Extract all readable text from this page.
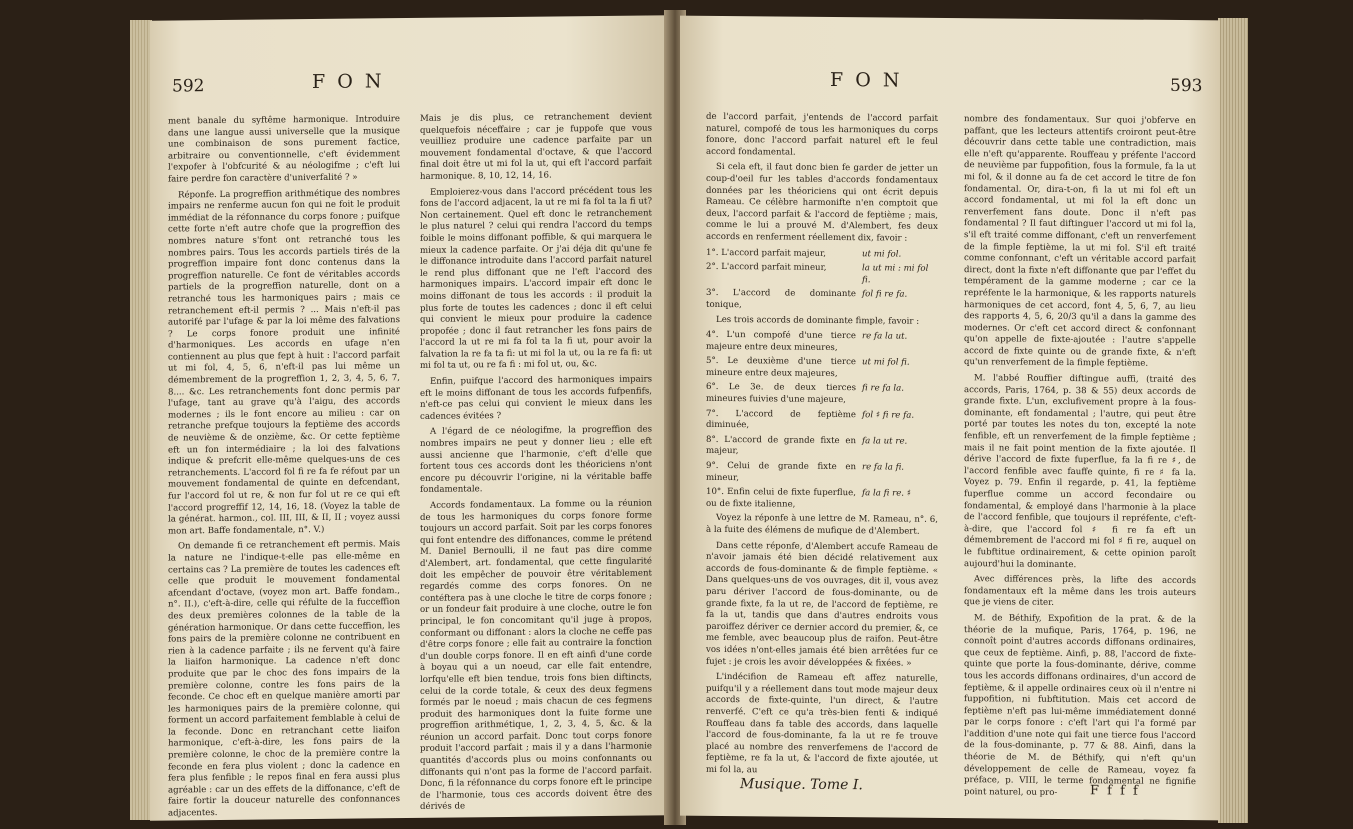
592	F O N

ment banale du syftême harmonique. Introduire dans une langue aussi universelle que la musique une combinaison de sons purement factice, arbitraire ou conventionnelle, c'eft évidemment l'expofer à l'obfcurité & au néologifme ; c'eft lui faire perdre fon caractère d'univerfalité ? »

Réponfe. La progreffion arithmétique des nombres impairs ne renferme aucun fon qui ne foit le produit immédiat de la réfonnance du corps fonore ; puifque cette forte n'eft autre chofe que la progreffion des nombres nature s'font ont retranché tous les nombres pairs. Tous les accords partiels tirés de la progreffion impaire font donc contenus dans la progreffion naturelle. Ce font de véritables accords partiels de la progreffion naturelle, dont on a retranché tous les harmoniques pairs ; mais ce retranchement eft-il permis ? ... Mais n'eft-il pas autorifé par l'ufage & par la loi même des falvations ? Le corps fonore produit une infinité d'harmoniques. Les accords en ufage n'en contiennent au plus que fept à huit : l'accord parfait ut mi fol, 4, 5, 6, n'eft-il pas lui même un démembrement de la progreffion 1, 2, 3, 4, 5, 6, 7, 8.... &c. Les retranchements font donc permis par l'ufage, tant au grave qu'à l'aigu, des accords modernes ; ils le font encore au milieu : car on retranche prefque toujours la feptième des accords de neuvième & de onzième, &c. Or cette feptième eft un fon intermédiaire ; la loi des falvations indique & prefcrit elle-même quelques-uns de ces retranchements. L'accord fol fi re fa fe réfout par un mouvement fondamental de quinte en defcendant, fur l'accord fol ut re, & non fur fol ut re ce qui eft l'accord progreffif 12, 14, 16, 18. (Voyez la table de la générat. harmon., col. III, III, & II, II ; voyez aussi mon art. Baffe fondamentale, n°. V.)

On demande fi ce retranchement eft permis. Mais la nature ne l'indique-t-elle pas elle-même en certains cas ? La première de toutes les cadences eft celle que produit le mouvement fondamental afcendant d'octave, (voyez mon art. Baffe fondam., n°. II.), c'eft-à-dire, celle qui réfulte de la fucceffion des deux premières colonnes de la table de la génération harmonique. Or dans cette fucceffion, les fons pairs de la première colonne ne contribuent en rien à la cadence parfaite ; ils ne fervent qu'à faire la liaifon harmonique. La cadence n'eft donc produite que par le choc des fons impairs de la première colonne, contre les fons pairs de la feconde. Ce choc eft en quelque manière amorti par les harmoniques pairs de la première colonne, qui forment un accord parfaitement femblable à celui de la feconde. Donc en retranchant cette liaifon harmonique, c'eft-à-dire, les fons pairs de la première colonne, le choc de la première contre la feconde en fera plus violent ; donc la cadence en fera plus fenfible ; le repos final en fera aussi plus agréable : car un des effets de la diffonance, c'eft de faire fortir la douceur naturelle des confonnances adjacentes.

Mais je dis plus, ce retranchement devient quelquefois néceffaire ; car je fuppofe que vous veuilliez produire une cadence parfaite par un mouvement fondamental d'octave, & que l'accord final doit être ut mi fol la ut, qui eft l'accord parfait harmonique. 8, 10, 12, 14, 16.

Emploierez-vous dans l'accord précédent tous les fons de l'accord adjacent, la ut re mi fa fol ta la fi ut? Non certainement. Quel eft donc le retranchement le plus naturel ? celui qui rendra l'accord du temps foible le moins diffonant poffible, & qui marquera le mieux la cadence parfaite. Or j'ai déja dit qu'une fe le diffonance introduite dans l'accord parfait naturel le rend plus diffonant que ne l'eft l'accord des harmoniques impairs. L'accord impair eft donc le moins diffonant de tous les accords : il produit la plus forte de toutes les cadences ; donc il eft celui qui convient le mieux pour produire la cadence propofée ; donc il faut retrancher les fons pairs de l'accord la ut re mi fa fol ta la fi ut, pour avoir la falvation la re fa ta fi: ut mi fol la ut, ou la re fa fi: ut mi fol ta ut, ou re fa fi : mi fol ut, ou, &c.

Enfin, puifque l'accord des harmoniques impairs eft le moins diffonant de tous les accords fufpenfifs, n'eft-ce pas celui qui convient le mieux dans les cadences évitées ?

A l'égard de ce néologifme, la progreffion des nombres impairs ne peut y donner lieu ; elle eft aussi ancienne que l'harmonie, c'eft d'elle que fortent tous ces accords dont les théoriciens n'ont encore pu découvrir l'origine, ni la véritable baffe fondamentale.

Accords fondamentaux. La fomme ou la réunion de tous les harmoniques du corps fonore forme toujours un accord parfait. Soit par les corps fonores qui font entendre des diffonances, comme le prétend M. Daniel Bernoulli, il ne faut pas dire comme d'Alembert, art. fondamental, que cette fingularité doit les empêcher de pouvoir être véritablement regardés comme des corps fonores. On ne contéftera pas à une cloche le titre de corps fonore ; or un fondeur fait produire à une cloche, outre le fon principal, le fon concomitant qu'il juge à propos, conformant ou diffonant : alors la cloche ne ceffe pas d'être corps fonore ; elle fait au contraire la fonction d'un double corps fonore. Il en eft ainfi d'une corde à boyau qui a un noeud, car elle fait entendre, lorfqu'elle eft bien tendue, trois fons bien diftincts, celui de la corde totale, & ceux des deux fegmens formés par le noeud ; mais chacun de ces fegmens produit des harmoniques dont la fuite forme une progreffion arithmétique, 1, 2, 3, 4, 5, &c. & la réunion un accord parfait. Donc tout corps fonore produit l'accord parfait ; mais il y a dans l'harmonie quantités d'accords plus ou moins confonnants ou diffonants qui n'ont pas la forme de l'accord parfait. Donc, fi la réfonnance du corps fonore eft le principe de l'harmonie, tous ces accords doivent être des dérivés de

F O N	593

de l'accord parfait, j'entends de l'accord parfait naturel, compofé de tous les harmoniques du corps fonore, donc l'accord parfait naturel eft le feul accord fondamental.

Si cela eft, il faut donc bien fe garder de jetter un coup-d'oeil fur les tables d'accords fondamentaux données par les théoriciens qui ont écrit depuis Rameau. Ce célèbre harmonifte n'en comptoit que deux, l'accord parfait & l'accord de feptième ; mais, comme le lui a prouvé M. d'Alembert, fes deux accords en renferment réellement dix, favoir :

1°. L'accord parfait majeur,	ut mi fol.
2°. L'accord parfait mineur,	la ut mi : mi fol fi.
3°. L'accord de dominante tonique,
fol fi re fa.

Les trois accords de dominante fimple, favoir :

4°. L'un compofé d'une tierce majeure entre deux mineures,
re fa la ut.
5°. Le deuxième d'une tierce mineure entre deux majeures,
ut mi fol fi.
6°. Le 3e. de deux tierces mineures fuivies d'une majeure,
fi re fa la.
7°. L'accord de feptième diminuée,
fol ♯ fi re fa.
8°. L'accord de grande fixte en majeur,
fa la ut re.
9°. Celui de grande fixte en mineur,
re fa la fi.
10°. Enfin celui de fixte fuperflue, ou de fixte italienne,
fa la fi re. ♯

Voyez la réponfe à une lettre de M. Rameau, n°. 6, à la fuite des élémens de mufique de d'Alembert.

Dans cette réponfe, d'Alembert accufe Rameau de n'avoir jamais été bien décidé relativement aux accords de fous-dominante & de fimple feptième. « Dans quelques-uns de vos ouvrages, dit il, vous avez paru dériver l'accord de fous-dominante, ou de grande fixte, fa la ut re, de l'accord de feptième, re fa la ut, tandis que dans d'autres endroits vous paroiffez dériver ce dernier accord du premier, &, ce me femble, avec beaucoup plus de raifon. Peut-être vos idées n'ont-elles jamais été bien arrêtées fur ce fujet : je crois les avoir développées & fixées. »

L'indécifion de Rameau eft affez naturelle, puifqu'il y a réellement dans tout mode majeur deux accords de fixte-quinte, l'un direct, & l'autre renverfé. C'eft ce qu'a très-bien fenti & indiqué Rouffeau dans fa table des accords, dans laquelle l'accord de fous-dominante, fa la ut re fe trouve placé au nombre des renverfemens de l'accord de feptième, re fa la ut, & l'accord de fixte ajoutée, ut mi fol la, au

nombre des fondamentaux. Sur quoi j'obferve en paffant, que les lecteurs attentifs croiront peut-être découvrir dans cette table une contradiction, mais elle n'eft qu'apparente. Rouffeau y préfente l'accord de neuvième par fuppofition, fous la formule, fa la ut mi fol, & il donne au fa de cet accord le titre de fon fondamental. Or, dira-t-on, fi la ut mi fol eft un accord fondamental, ut mi fol la eft donc un renverfement fans doute. Donc il n'eft pas fondamental ? Il faut diftinguer l'accord ut mi fol la, s'il eft traité comme diffonant, c'eft un renverfement de la fimple feptième, la ut mi fol. S'il eft traité comme confonnant, c'eft un véritable accord parfait direct, dont la fixte n'eft diffonante que par l'effet du tempérament de la gamme moderne ; car ce la repréfente le la harmonique, & les rapports naturels harmoniques de cet accord, font 4, 5, 6, 7, au lieu des rapports 4, 5, 6, 20/3 qu'il a dans la gamme des modernes. Or c'eft cet accord direct & confonnant qu'on appelle de fixte-ajoutée : l'autre s'appelle accord de fixte quinte ou de grande fixte, & n'eft qu'un renverfement de la fimple feptième.

M. l'abbé Rouffier diftingue auffi, (traité des accords, Paris, 1764, p. 38 & 55) deux accords de grande fixte. L'un, exclufivement propre à la fous-dominante, eft fondamental ; l'autre, qui peut être porté par toutes les notes du ton, excepté la note fenfible, eft un renverfement de la fimple feptième ; mais il ne fait point mention de la fixte ajoutée. Il dérive l'accord de fixte fuperflue, fa la fi re ♯, de l'accord fenfible avec fauffe quinte, fi re ♯ fa la. Voyez p. 79. Enfin il regarde, p. 41, la feptième fuperflue comme un accord fecondaire ou fondamental, & employé dans l'harmonie à la place de l'accord fenfible, que toujours il repréfente, c'eft-à-dire, que l'accord fol ♯ fi re fa eft un démembrement de l'accord mi fol ♯ fi re, auquel on le fubftitue ordinairement, & cette opinion paroît aujourd'hui la dominante.

Avec différences près, la lifte des accords fondamentaux eft la même dans les trois auteurs que je viens de citer.

M. de Béthify, Expofition de la prat. & de la théorie de la mufique, Paris, 1764, p. 196, ne connoît point d'autres accords diffonans ordinaires, que ceux de feptième. Ainfi, p. 88, l'accord de fixte-quinte que porte la fous-dominante, dérive, comme tous les accords diffonans ordinaires, d'un accord de feptième, & il appelle ordinaires ceux où il n'entre ni fuppofition, ni fubftitution. Mais cet accord de feptième n'eft pas lui-même immédiatement donné par le corps fonore : c'eft l'art qui l'a formé par l'addition d'une note qui fait une tierce fous l'accord de la fous-dominante, p. 77 & 88. Ainfi, dans la théorie de M. de Béthify, qui n'eft qu'un développement de celle de Rameau, voyez fa préface, p. VIII, le terme fondamental ne fignifie point naturel, ou pro-

Musique. Tome I.	F f f f
